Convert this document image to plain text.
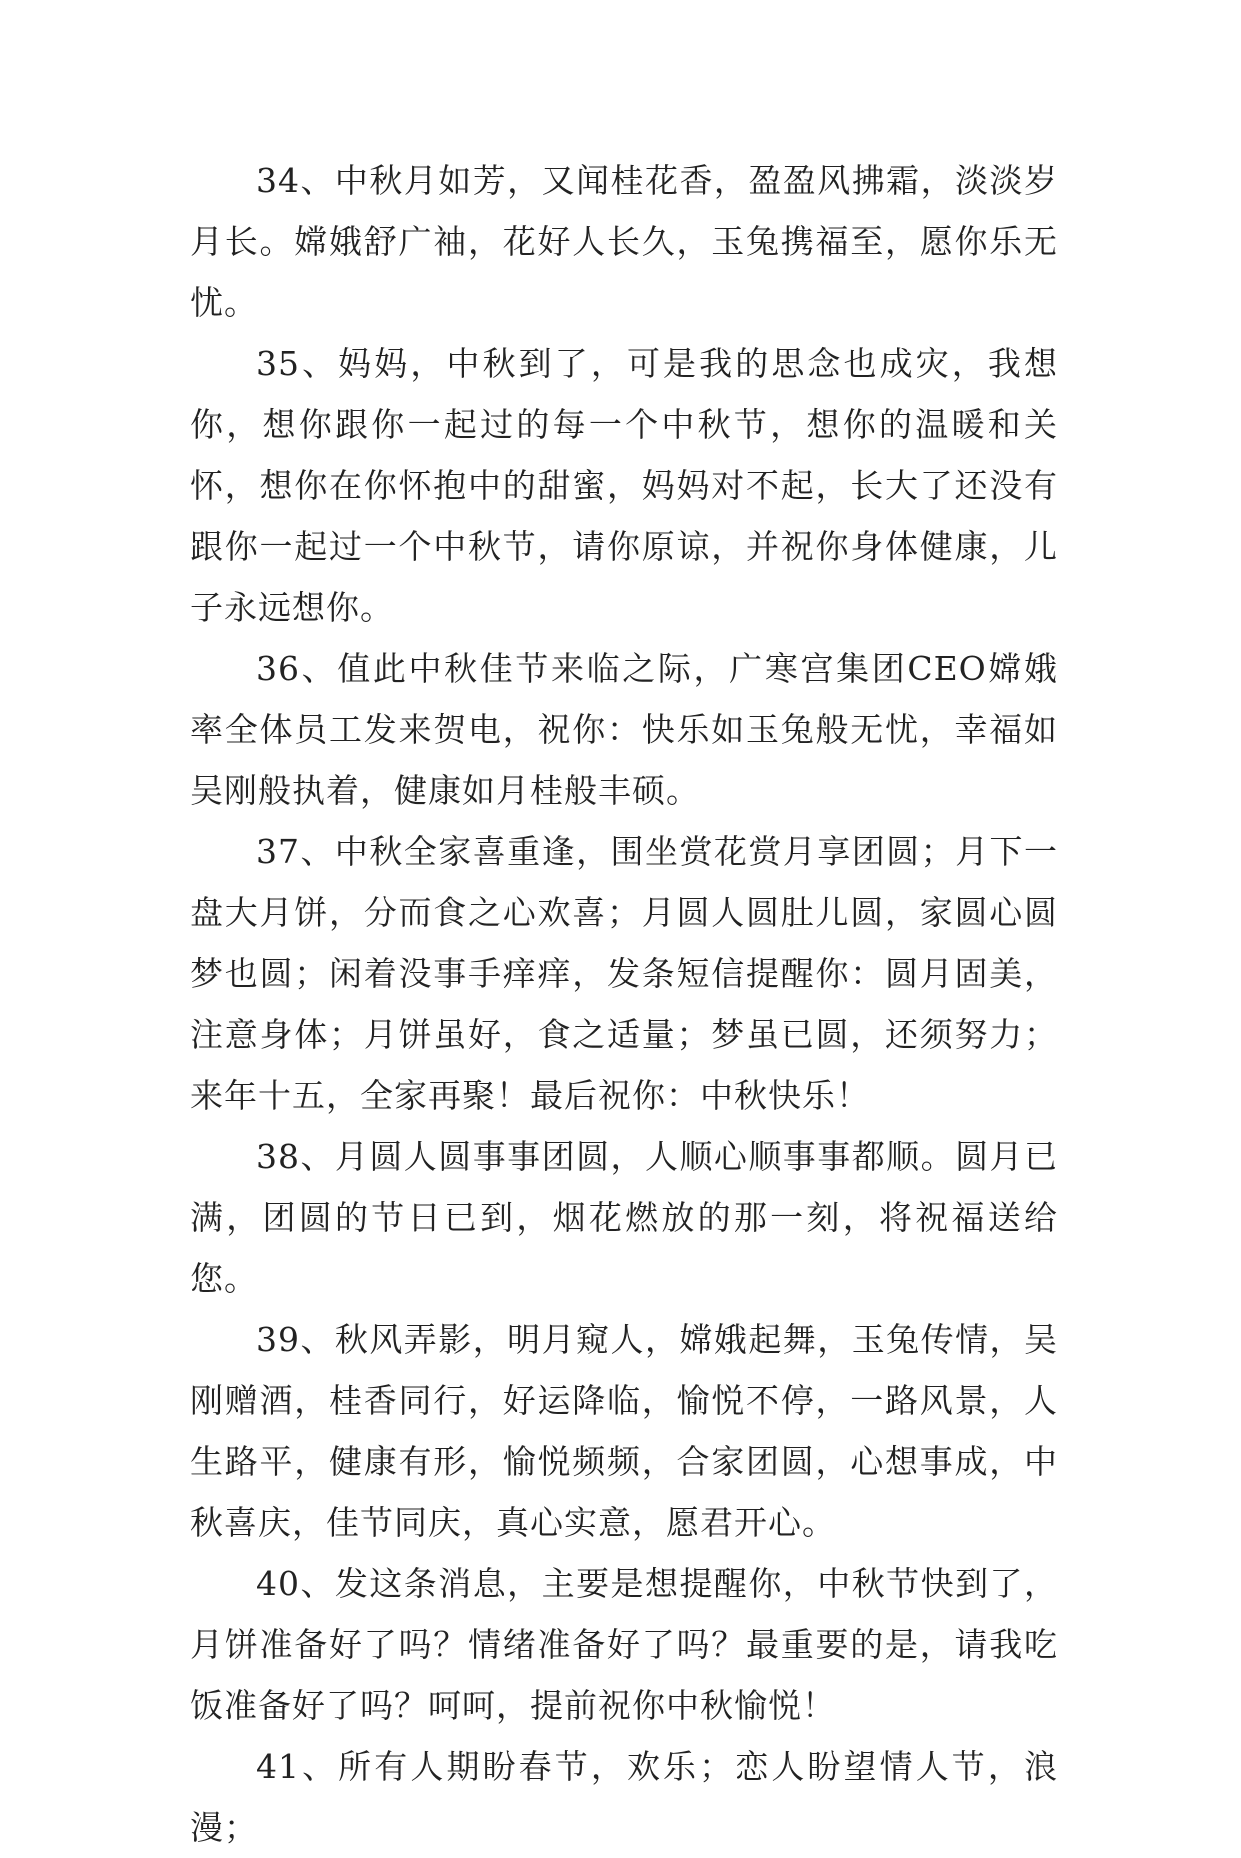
34、中秋月如芳，又闻桂花香，盈盈风拂霜，淡淡岁月长。嫦娥舒广袖，花好人长久，玉兔携福至，愿你乐无忧。

35、妈妈，中秋到了，可是我的思念也成灾，我想你，想你跟你一起过的每一个中秋节，想你的温暖和关怀，想你在你怀抱中的甜蜜，妈妈对不起，长大了还没有跟你一起过一个中秋节，请你原谅，并祝你身体健康，儿子永远想你。

36、值此中秋佳节来临之际，广寒宫集团CEO嫦娥率全体员工发来贺电，祝你：快乐如玉兔般无忧，幸福如吴刚般执着，健康如月桂般丰硕。

37、中秋全家喜重逢，围坐赏花赏月享团圆；月下一盘大月饼，分而食之心欢喜；月圆人圆肚儿圆，家圆心圆梦也圆；闲着没事手痒痒，发条短信提醒你：圆月固美，注意身体；月饼虽好，食之适量；梦虽已圆，还须努力；来年十五，全家再聚！最后祝你：中秋快乐！

38、月圆人圆事事团圆，人顺心顺事事都顺。圆月已满，团圆的节日已到，烟花燃放的那一刻，将祝福送给您。

39、秋风弄影，明月窥人，嫦娥起舞，玉兔传情，吴刚赠酒，桂香同行，好运降临，愉悦不停，一路风景，人生路平，健康有形，愉悦频频，合家团圆，心想事成，中秋喜庆，佳节同庆，真心实意，愿君开心。

40、发这条消息，主要是想提醒你，中秋节快到了，月饼准备好了吗？情绪准备好了吗？最重要的是，请我吃饭准备好了吗？呵呵，提前祝你中秋愉悦！

41、所有人期盼春节，欢乐；恋人盼望情人节，浪漫；
